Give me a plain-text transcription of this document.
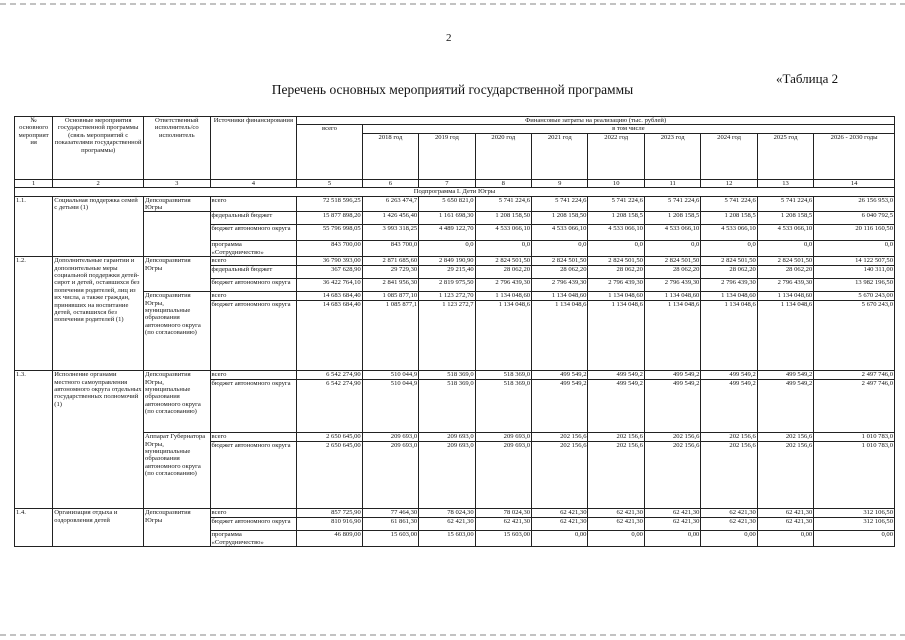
2
«Таблица 2
Перечень основных мероприятий государственной программы
№ основного мероприят ия	Основные мероприятия государственной программы (связь мероприятий с показателями государственной программы)	Ответственный исполнитель/со исполнитель	Источники финансирования	Финансовые затраты на реализацию (тыс. рублей)									
				всего	в том числе								
					2018 год	2019 год	2020 год	2021 год	2022 год	2023 год	2024 год	2025 год	2026 - 2030 годы
1	2	3	4	5	6	7	8	9	10	11	12	13	14
Подпрограмма I. Дети Югры													
1.1.	Социальная поддержка семей с детьми (1)	Депсоцразвития Югры	всего	72 518 596,25	6 263 474,7	5 650 821,0	5 741 224,6	5 741 224,6	5 741 224,6	5 741 224,6	5 741 224,6	5 741 224,6	26 156 953,0
			федеральный бюджет	15 877 898,20	1 426 456,40	1 161 698,30	1 208 158,50	1 208 158,50	1 208 158,5	1 208 158,5	1 208 158,5	1 208 158,5	6 040 792,5
			бюджет автономного округа	55 796 998,05	3 993 318,25	4 489 122,70	4 533 066,10	4 533 066,10	4 533 066,10	4 533 066,10	4 533 066,10	4 533 066,10	20 116 160,50
			программа «Сотрудничество»	843 700,00	843 700,0	0,0	0,0	0,0	0,0	0,0	0,0	0,0	0,0
1.2.	Дополнительные гарантии и дополнительные меры социальной поддержки детей-сирот и детей, оставшихся без попечения родителей, лиц из их числа, а также граждан, принявших на воспитание детей, оставшихся без попечения родителей (1)	Депсоцразвития Югры	всего	36 790 393,00	2 871 685,60	2 849 190,90	2 824 501,50	2 824 501,50	2 824 501,50	2 824 501,50	2 824 501,50	2 824 501,50	14 122 507,50
			федеральный бюджет	367 628,90	29 729,30	29 215,40	28 062,20	28 062,20	28 062,20	28 062,20	28 062,20	28 062,20	140 311,00
			бюджет автономного округа	36 422 764,10	2 841 956,30	2 819 975,50	2 796 439,30	2 796 439,30	2 796 439,30	2 796 439,30	2 796 439,30	2 796 439,30	13 982 196,50
		Депсоцразвития Югры, муниципальные образования автономного округа (по согласованию)	всего	14 683 684,40	1 085 877,10	1 123 272,70	1 134 048,60	1 134 048,60	1 134 048,60	1 134 048,60	1 134 048,60	1 134 048,60	5 670 243,00
			бюджет автономного округа	14 683 684,40	1 085 877,1	1 123 272,7	1 134 048,6	1 134 048,6	1 134 048,6	1 134 048,6	1 134 048,6	1 134 048,6	5 670 243,0
1.3.	Исполнение органами местного самоуправления автономного округа отдельных государственных полномочий (1)	Депсоцразвития Югры, муниципальные образования автономного округа (по согласованию)	всего	6 542 274,90	510 044,9	518 369,0	518 369,0	499 549,2	499 549,2	499 549,2	499 549,2	499 549,2	2 497 746,0
			бюджет автономного округа	6 542 274,90	510 044,9	518 369,0	518 369,0	499 549,2	499 549,2	499 549,2	499 549,2	499 549,2	2 497 746,0
		Аппарат Губернатора Югры, муниципальные образования автономного округа (по согласованию)	всего	2 650 645,00	209 693,0	209 693,0	209 693,0	202 156,6	202 156,6	202 156,6	202 156,6	202 156,6	1 010 783,0
			бюджет автономного округа	2 650 645,00	209 693,0	209 693,0	209 693,0	202 156,6	202 156,6	202 156,6	202 156,6	202 156,6	1 010 783,0
1.4.	Организация отдыха и оздоровления детей	Депсоцразвития Югры	всего	857 725,90	77 464,30	78 024,30	78 024,30	62 421,30	62 421,30	62 421,30	62 421,30	62 421,30	312 106,50
			бюджет автономного округа	810 916,90	61 861,30	62 421,30	62 421,30	62 421,30	62 421,30	62 421,30	62 421,30	62 421,30	312 106,50
			программа «Сотрудничество»	46 809,00	15 603,00	15 603,00	15 603,00	0,00	0,00	0,00	0,00	0,00	0,00
